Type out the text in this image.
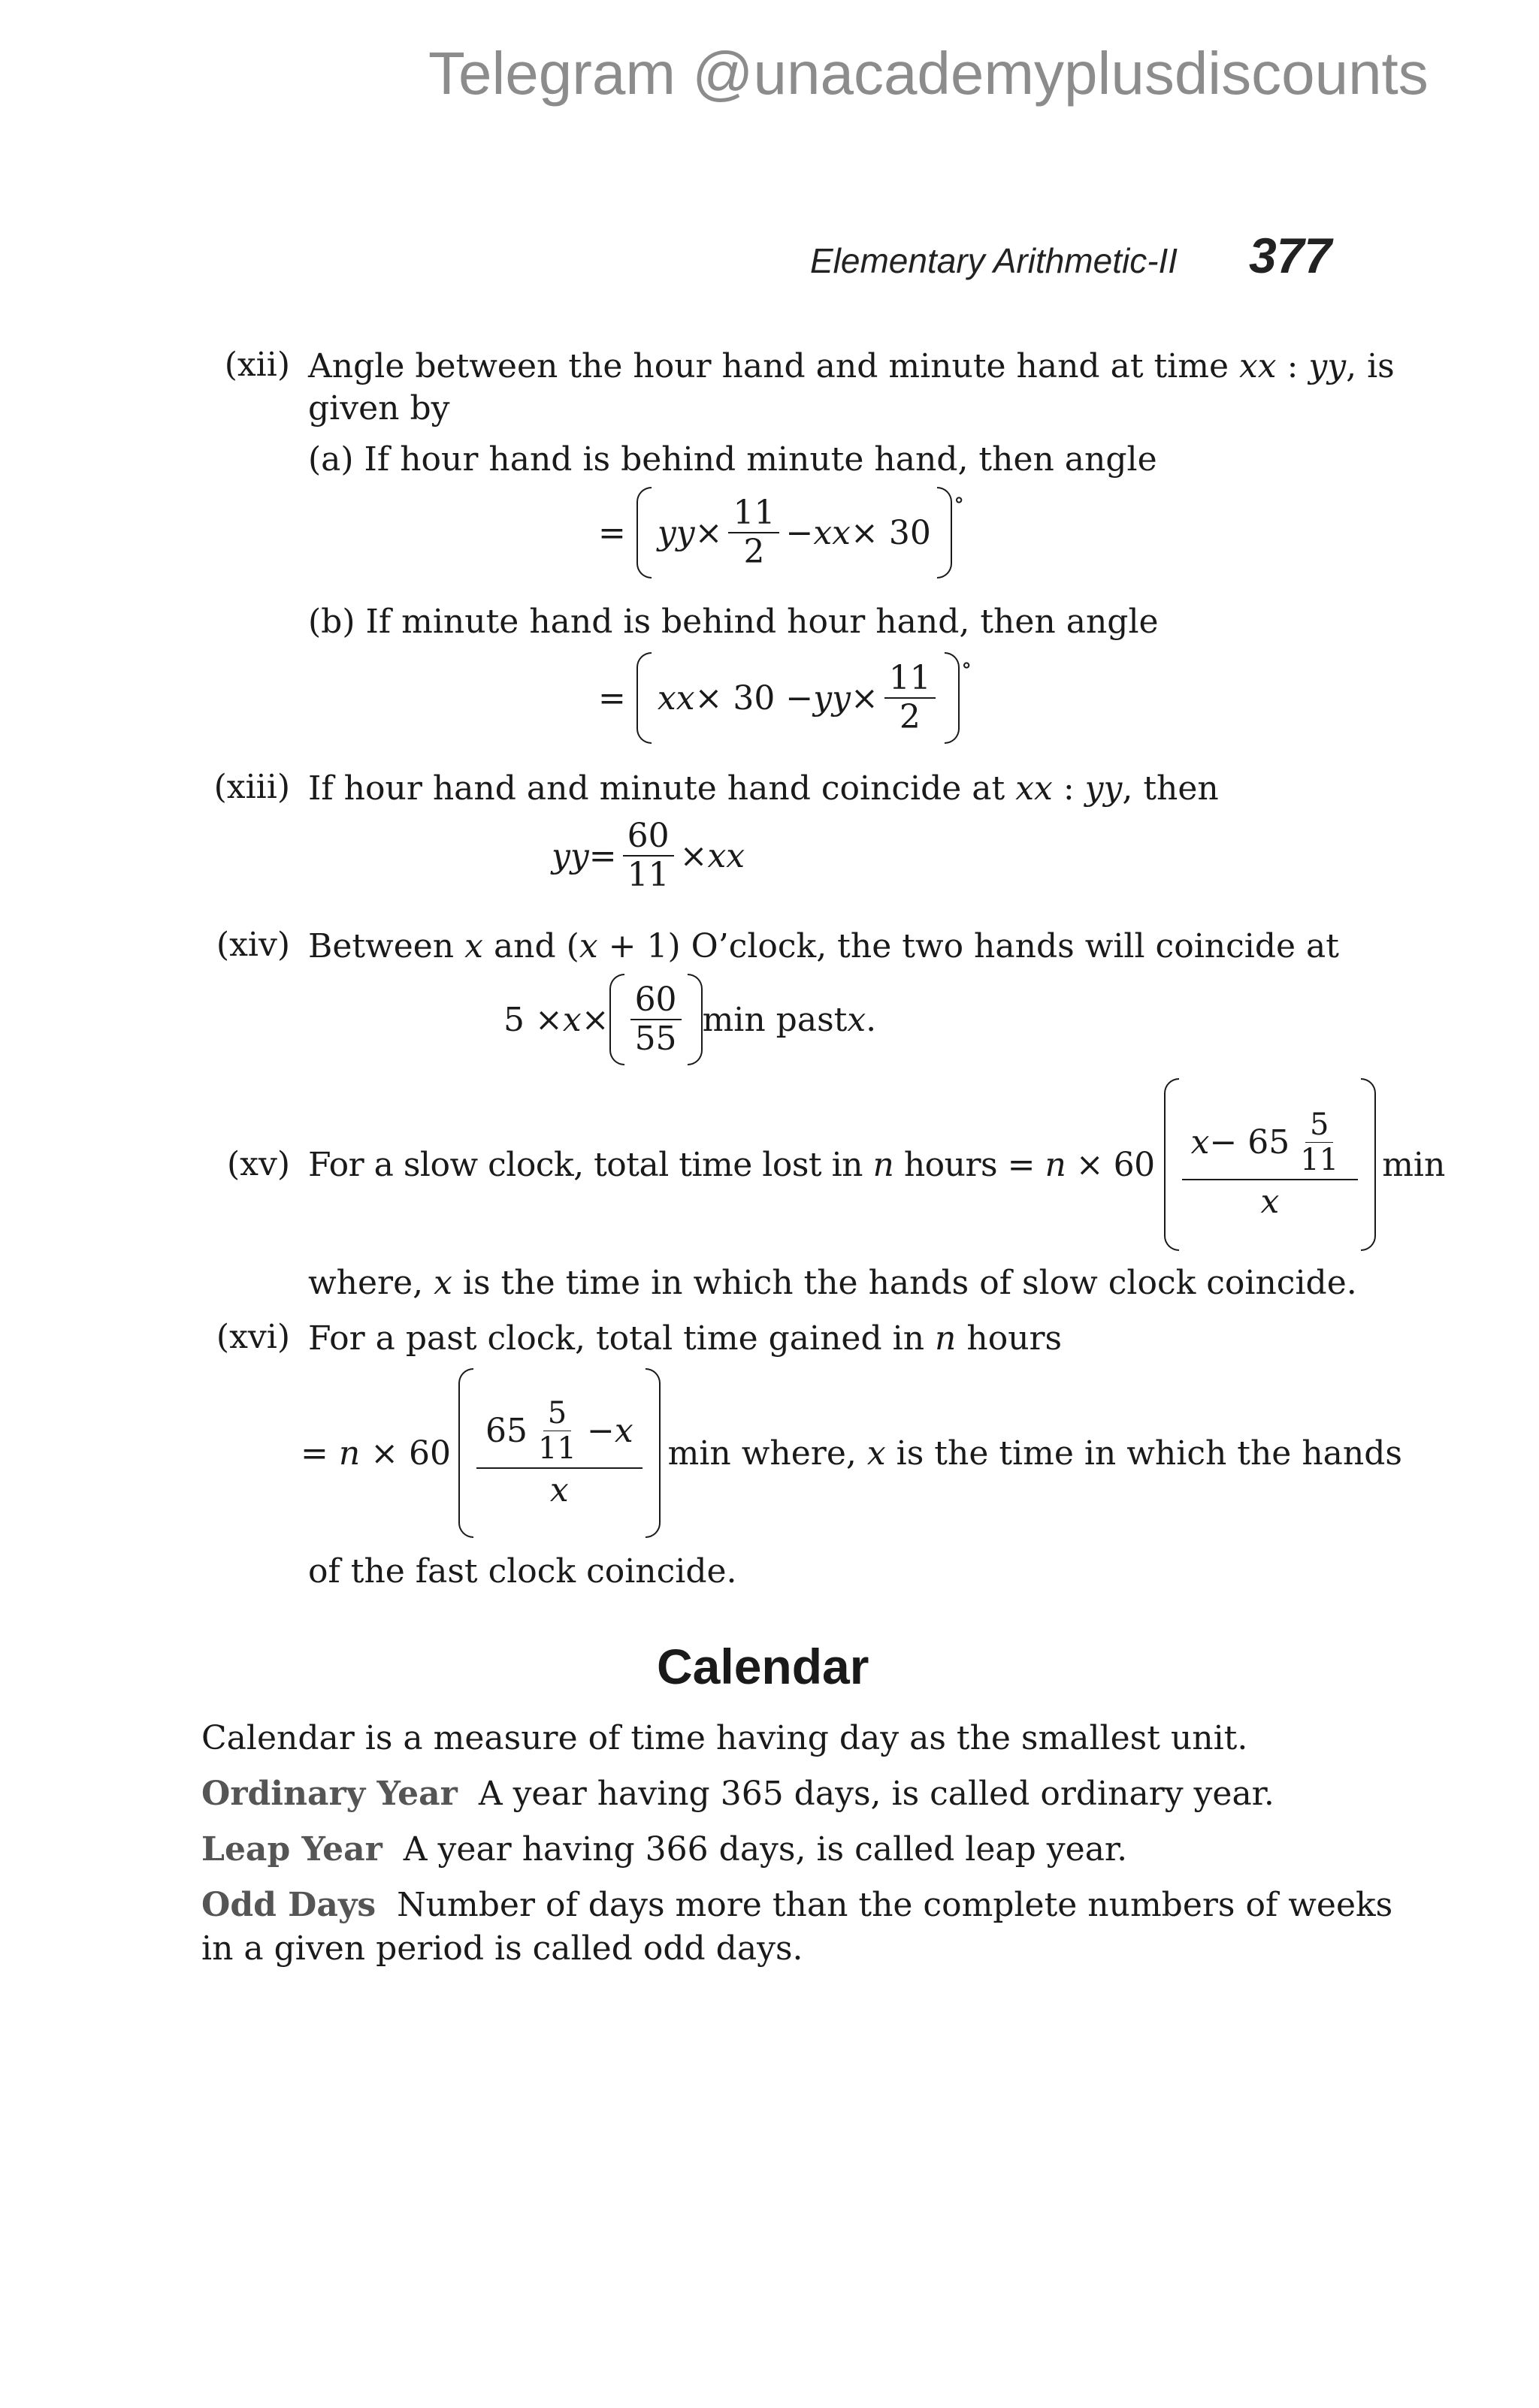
Telegram @unacademyplusdiscounts
Elementary Arithmetic-II 377
(xii) Angle between the hour hand and minute hand at time xx : yy, is
given by
(a) If hour hand is behind minute hand, then angle
=
yy × $\frac{11}{2}$ − xx × 30
∘
(b) If minute hand is behind hour hand, then angle
=
xx × 30 − yy × $\frac{11}{2}$ ∘
(xiii) If hour hand and minute hand coincide at xx : yy, then
yy = $\frac{60}{11}$ × xx
(xiv) Between x and (x + 1) O’clock, the two hands will coincide at
$5 \times x \times \frac{60}{55}$ min past x .
(xv) For a slow clock, total time lost in n hours = $n \times 60 \frac{x - 65 \frac{5}{11}}{x}$ min
where, x is the time in which the hands of slow clock coincide.
(xvi) For a past clock, total time gained in n hours
= $n \times 60 \frac{65 \frac{5}{11} - x}{x}$ min where, x is the time in which the hands
of the fast clock coincide.
Calendar
Calendar is a measure of time having day as the smallest unit.
Ordinary Year A year having 365 days, is called ordinary year.
Leap Year A year having 366 days, is called leap year.
Odd Days Number of days more than the complete numbers of weeks
in a given period is called odd days.
